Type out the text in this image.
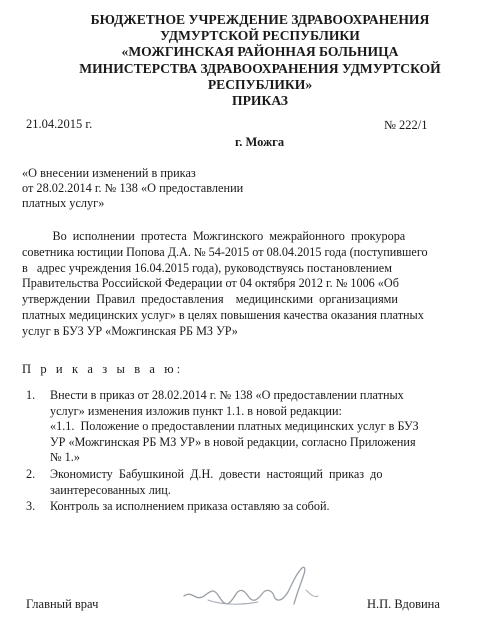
БЮДЖЕТНОЕ УЧРЕЖДЕНИЕ ЗДРАВООХРАНЕНИЯ
УДМУРТСКОЙ РЕСПУБЛИКИ
«МОЖГИНСКАЯ РАЙОННАЯ БОЛЬНИЦА
МИНИСТЕРСТВА ЗДРАВООХРАНЕНИЯ УДМУРТСКОЙ
РЕСПУБЛИКИ»
ПРИКАЗ
21.04.2015 г.	№ 222/1
г. Можга
«О внесении изменений в приказ
от 28.02.2014 г. № 138 «О предоставлении
платных услуг»
Во  исполнении  протеста  Можгинского  межрайонного  прокурора
советника юстиции Попова Д.А. № 54-2015 от 08.04.2015 года (поступившего
в   адрес учреждения 16.04.2015 года), руководствуясь постановлением
Правительства Российской Федерации от 04 октября 2012 г. № 1006 «Об
утверждении  Правил  предоставления    медицинскими  организациями
платных медицинских услуг» в целях повышения качества оказания платных
услуг в БУЗ УР «Можгинская РБ МЗ УР»
П р и к а з ы в а ю:
1. Внести в приказ от 28.02.2014 г. № 138 «О предоставлении платных
услуг» изменения изложив пункт 1.1. в новой редакции:
«1.1.  Положение о предоставлении платных медицинских услуг в БУЗ
УР «Можгинская РБ МЗ УР» в новой редакции, согласно Приложения
№ 1.»
2. Экономисту  Бабушкиной  Д.Н.  довести  настоящий  приказ  до
заинтересованных лиц.
3. Контроль за исполнением приказа оставляю за собой.
Главный врач	Н.П. Вдовина
